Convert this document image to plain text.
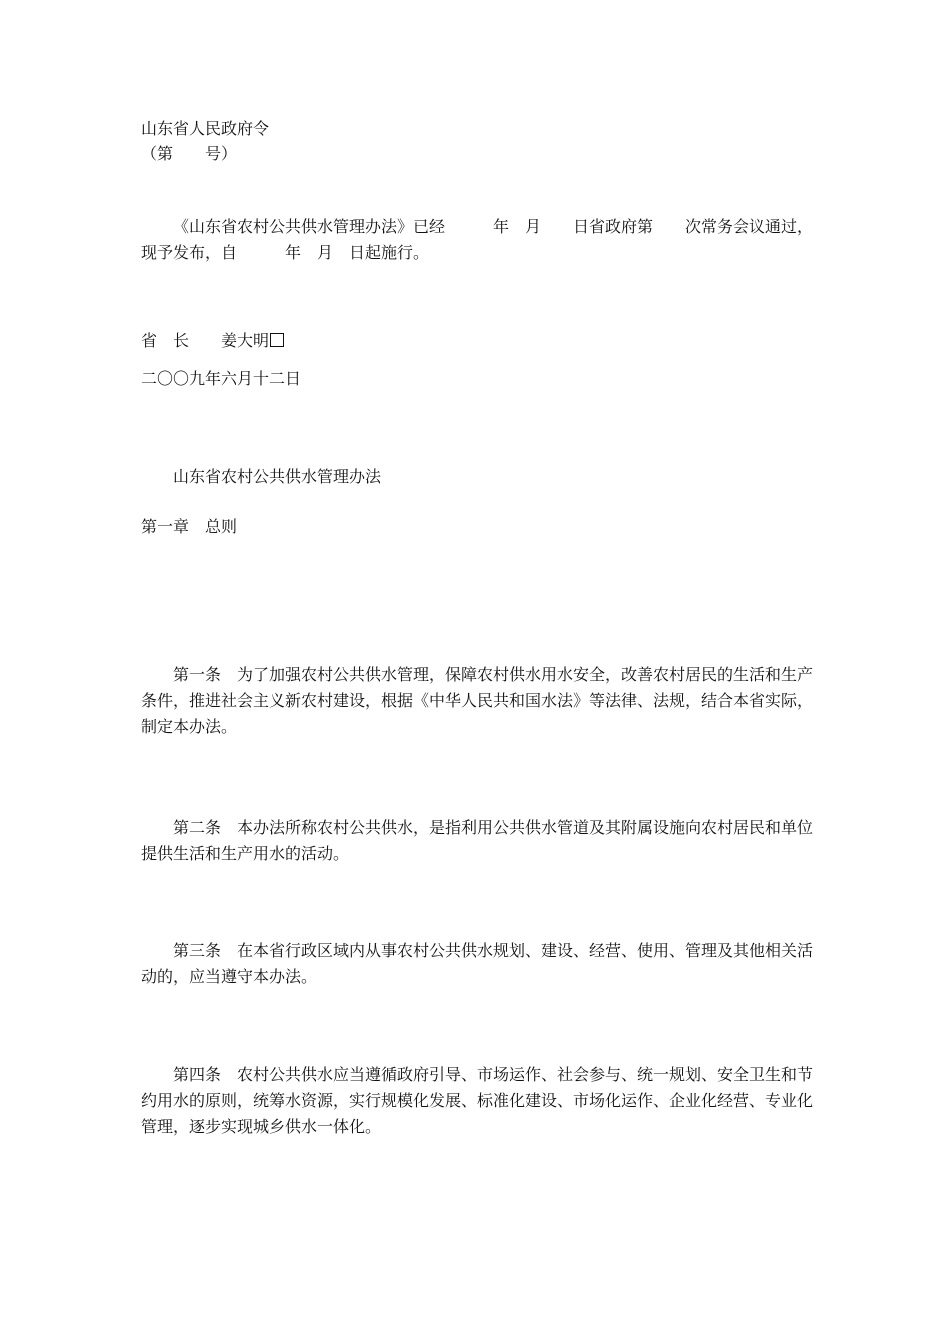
山东省人民政府令
（第　　号）
《山东省农村公共供水管理办法》已经　　　年　月　　日省政府第　　次常务会议通过，现予发布，自　　　年　月　日起施行。
省　长　　姜大明
二〇〇九年六月十二日
山东省农村公共供水管理办法
第一章　总则
第一条　为了加强农村公共供水管理，保障农村供水用水安全，改善农村居民的生活和生产条件，推进社会主义新农村建设，根据《中华人民共和国水法》等法律、法规，结合本省实际，制定本办法。
第二条　本办法所称农村公共供水，是指利用公共供水管道及其附属设施向农村居民和单位提供生活和生产用水的活动。
第三条　在本省行政区域内从事农村公共供水规划、建设、经营、使用、管理及其他相关活动的，应当遵守本办法。
第四条　农村公共供水应当遵循政府引导、市场运作、社会参与、统一规划、安全卫生和节约用水的原则，统筹水资源，实行规模化发展、标准化建设、市场化运作、企业化经营、专业化管理，逐步实现城乡供水一体化。
